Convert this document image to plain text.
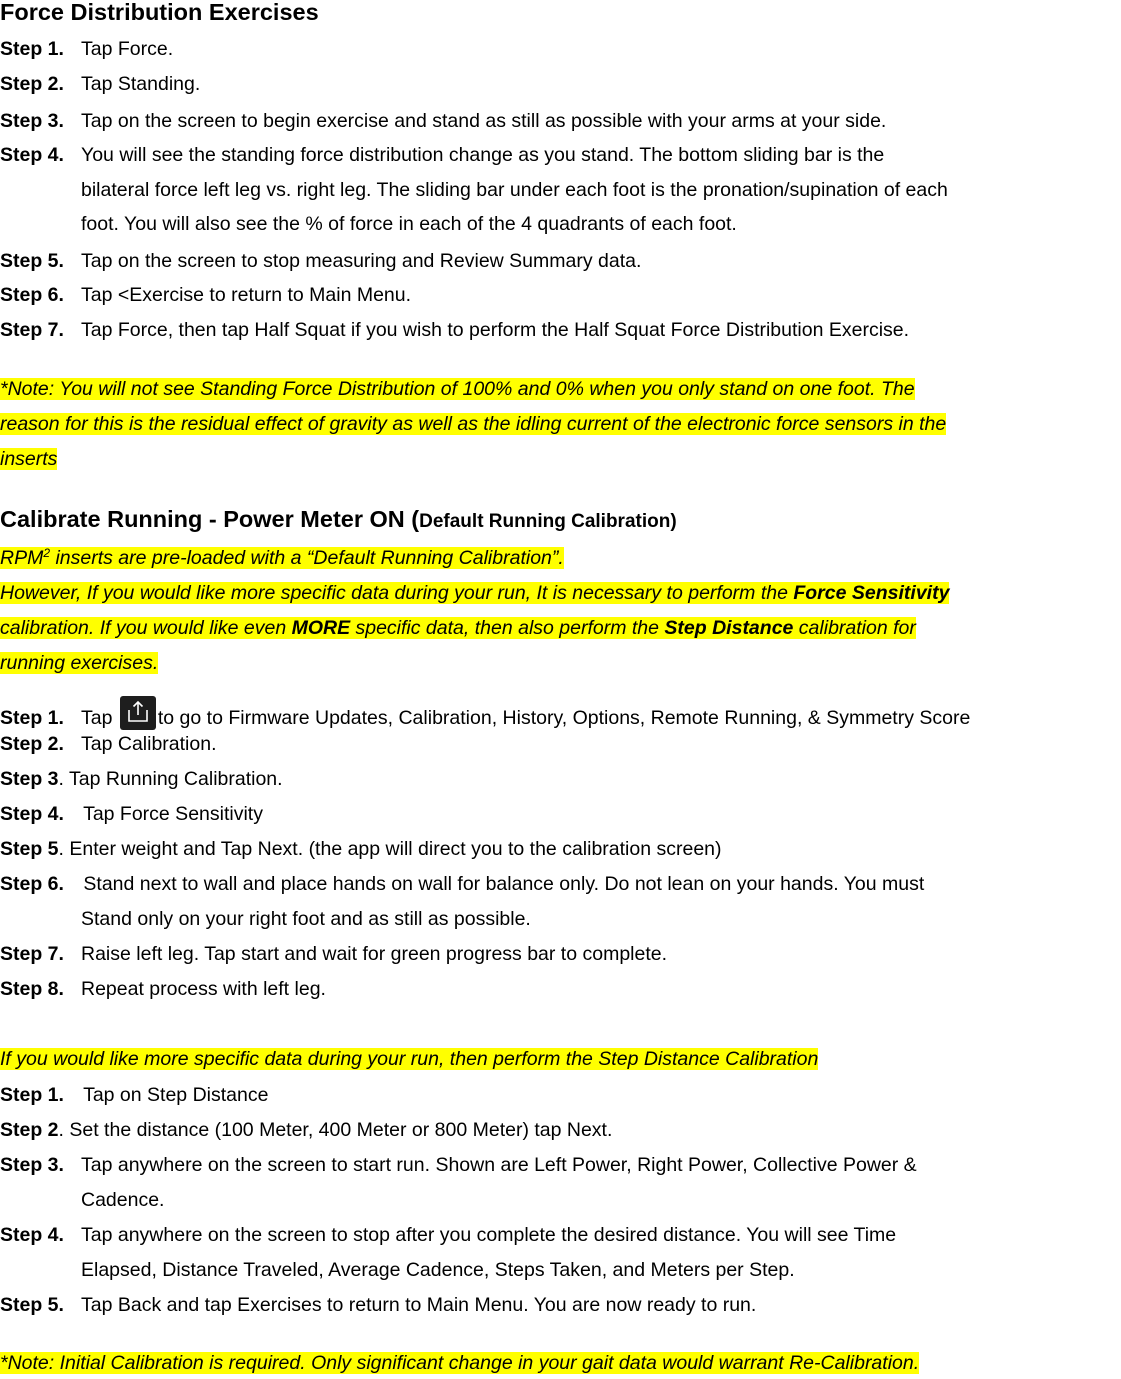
Force Distribution Exercises
Step 1. Tap Force.
Step 2. Tap Standing.
Step 3. Tap on the screen to begin exercise and stand as still as possible with your arms at your side.
Step 4. You will see the standing force distribution change as you stand. The bottom sliding bar is the
bilateral force left leg vs. right leg. The sliding bar under each foot is the pronation/supination of each
foot. You will also see the % of force in each of the 4 quadrants of each foot.
Step 5. Tap on the screen to stop measuring and Review Summary data.
Step 6. Tap <Exercise to return to Main Menu.
Step 7. Tap Force, then tap Half Squat if you wish to perform the Half Squat Force Distribution Exercise.
*Note: You will not see Standing Force Distribution of 100% and 0% when you only stand on one foot. The
reason for this is the residual effect of gravity as well as the idling current of the electronic force sensors in the
inserts
Calibrate Running - Power Meter ON (Default Running Calibration)
RPM$^2$ inserts are pre-loaded with a “Default Running Calibration”.
However, If you would like more specific data during your run, It is necessary to perform the Force Sensitivity
calibration. If you would like even MORE specific data, then also perform the Step Distance calibration for
running exercises.
Step 1. Tap to go to Firmware Updates, Calibration, History, Options, Remote Running, & Symmetry Score
Step 2. Tap Calibration.
Step 3. Tap Running Calibration.
Step 4. Tap Force Sensitivity
Step 5. Enter weight and Tap Next. (the app will direct you to the calibration screen)
Step 6. Stand next to wall and place hands on wall for balance only. Do not lean on your hands. You must
Stand only on your right foot and as still as possible.
Step 7. Raise left leg. Tap start and wait for green progress bar to complete.
Step 8. Repeat process with left leg.
If you would like more specific data during your run, then perform the Step Distance Calibration
Step 1. Tap on Step Distance
Step 2. Set the distance (100 Meter, 400 Meter or 800 Meter) tap Next.
Step 3. Tap anywhere on the screen to start run. Shown are Left Power, Right Power, Collective Power &
Cadence.
Step 4. Tap anywhere on the screen to stop after you complete the desired distance. You will see Time
Elapsed, Distance Traveled, Average Cadence, Steps Taken, and Meters per Step.
Step 5. Tap Back and tap Exercises to return to Main Menu. You are now ready to run.
*Note: Initial Calibration is required. Only significant change in your gait data would warrant Re-Calibration.
